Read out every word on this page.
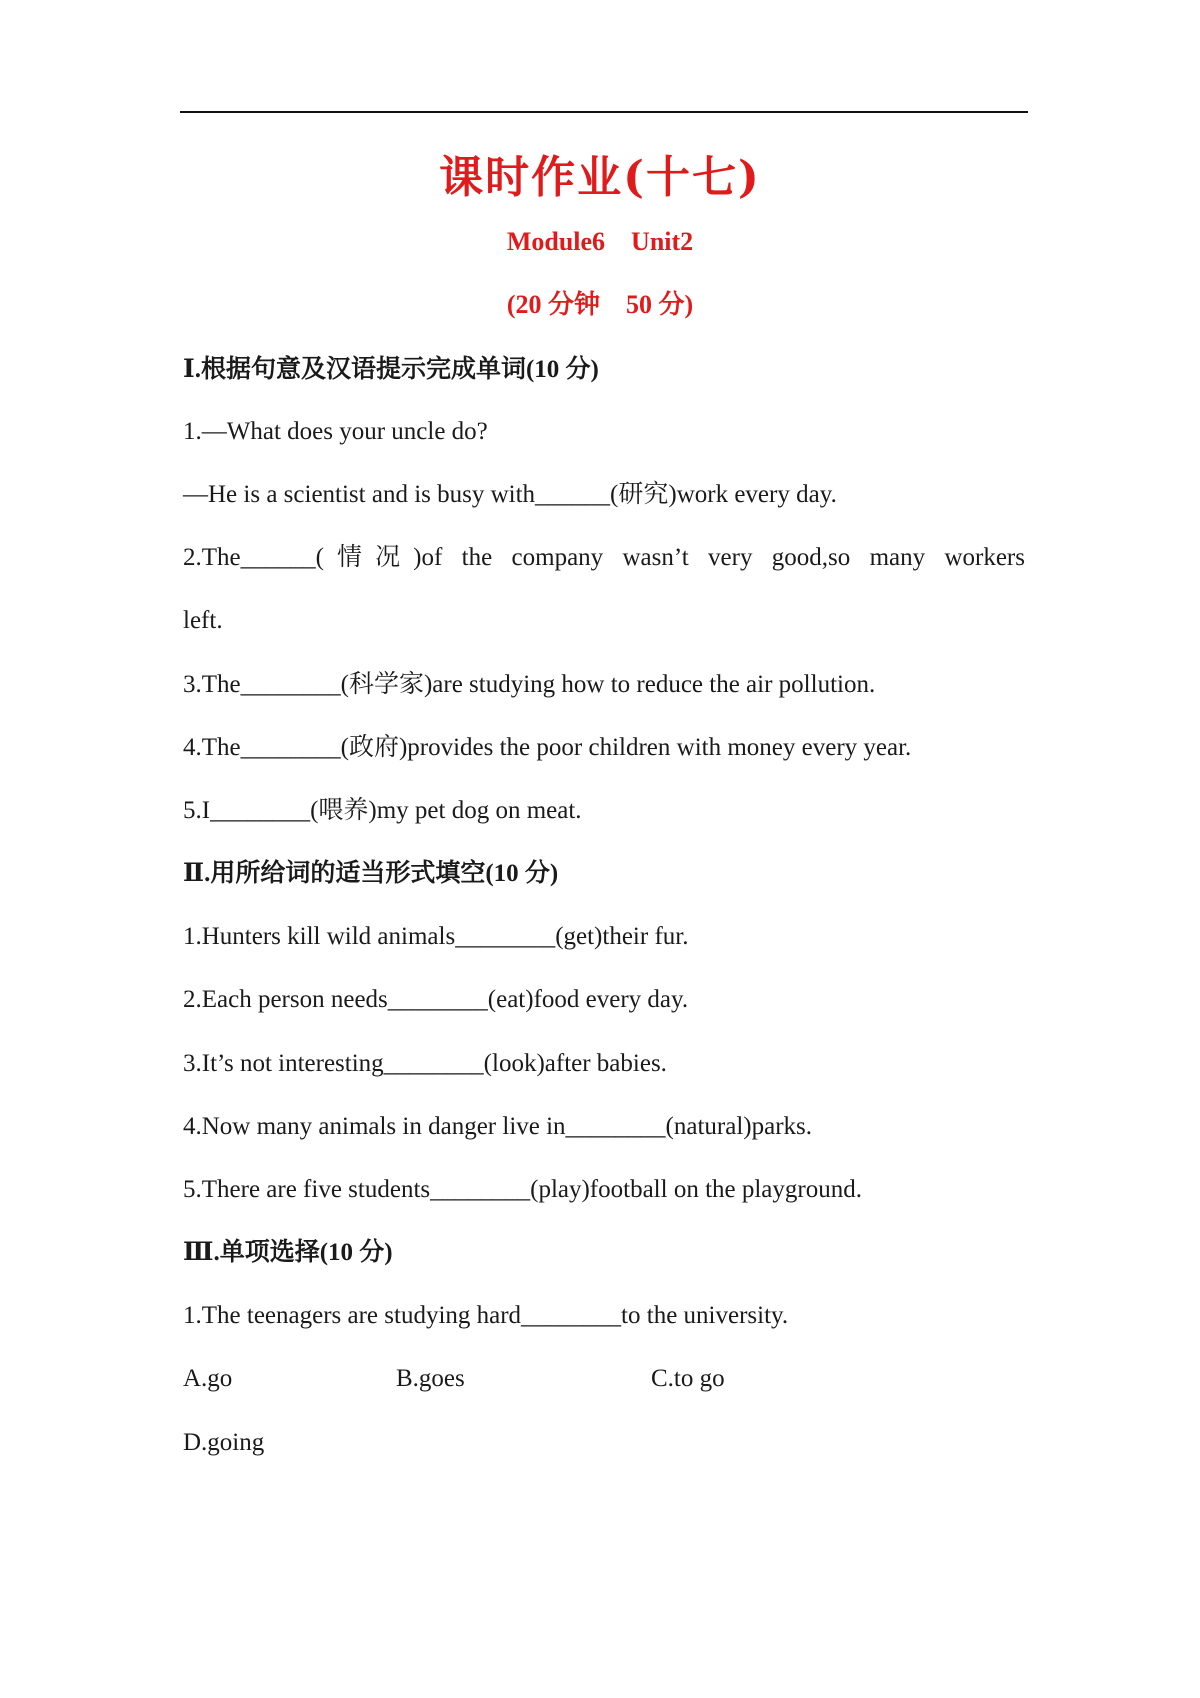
课时作业(十七)
Module6    Unit2
(20 分钟    50 分)
Ⅰ.根据句意及汉语提示完成单词(10 分)
1.—What does your uncle do?
—He is a scientist and is busy with______(研究)work every day.
2.The______(情况)of the company wasn’t very good,so many workers
left.
3.The________(科学家)are studying how to reduce the air pollution.
4.The________(政府)provides the poor children with money every year.
5.I________(喂养)my pet dog on meat.
Ⅱ.用所给词的适当形式填空(10 分)
1.Hunters kill wild animals________(get)their fur.
2.Each person needs________(eat)food every day.
3.It’s not interesting________(look)after babies.
4.Now many animals in danger live in________(natural)parks.
5.There are five students________(play)football on the playground.
Ⅲ.单项选择(10 分)
1.The teenagers are studying hard________to the university.
A.go	B.goes	C.to go
D.going
